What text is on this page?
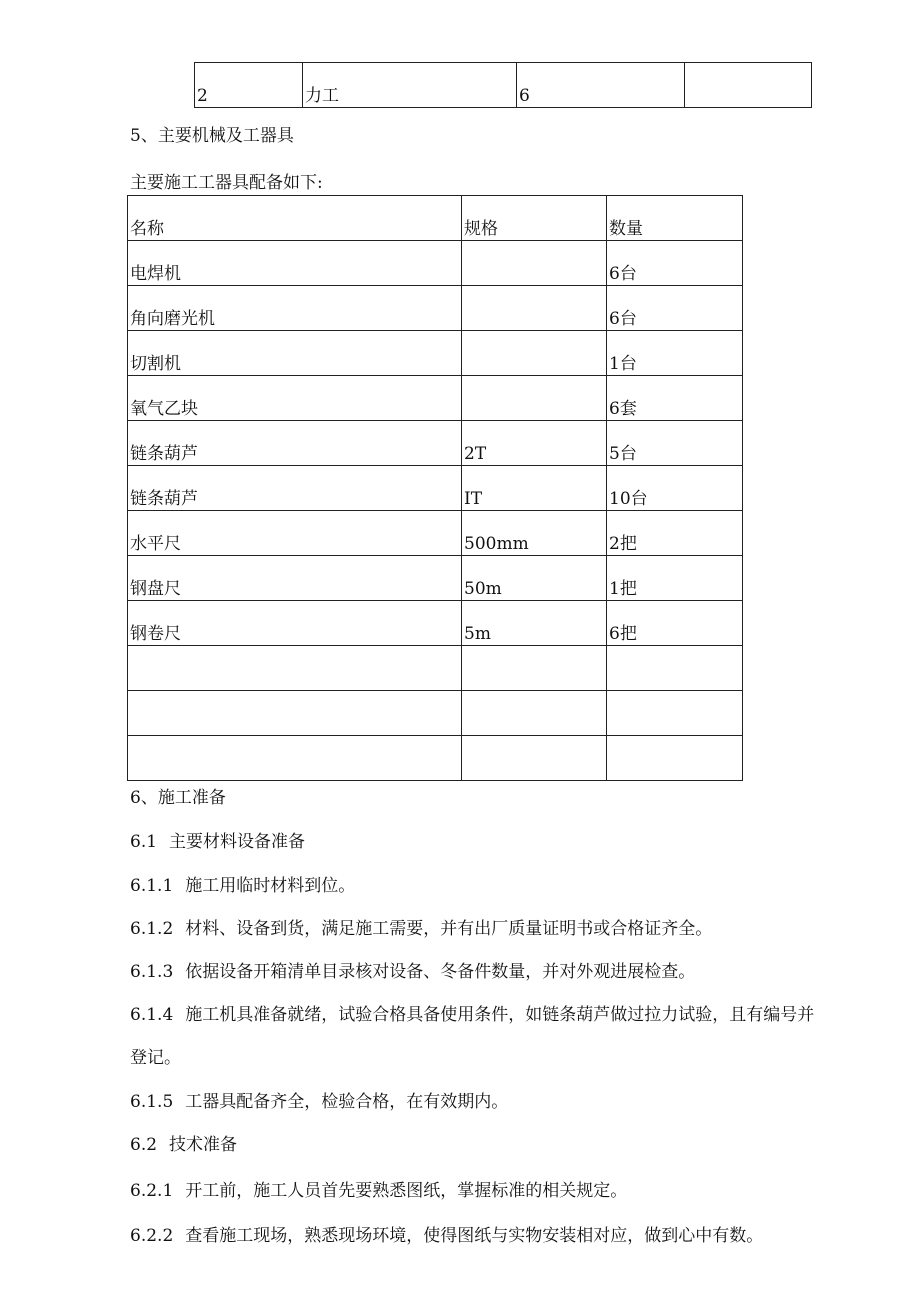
2	力工	6	
5、主要机械及工器具
主要施工工器具配备如下:
名称	规格	数量
电焊机		6台
角向磨光机		6台
切割机		1台
氧气乙块		6套
链条葫芦	2T	5台
链条葫芦	IT	10台
水平尺	500mm	2把
钢盘尺	50m	1把
钢卷尺	5m	6把

6、施工准备
6.1 主要材料设备准备
6.1.1 施工用临时材料到位。
6.1.2 材料、设备到货，满足施工需要，并有出厂质量证明书或合格证齐全。
6.1.3 依据设备开箱清单目录核对设备、冬备件数量，并对外观进展检查。
6.1.4 施工机具准备就绪，试验合格具备使用条件，如链条葫芦做过拉力试验，且有编号并
登记。
6.1.5 工器具配备齐全，检验合格，在有效期内。
6.2 技术准备
6.2.1 开工前，施工人员首先要熟悉图纸，掌握标准的相关规定。
6.2.2 查看施工现场，熟悉现场环境，使得图纸与实物安装相对应，做到心中有数。
